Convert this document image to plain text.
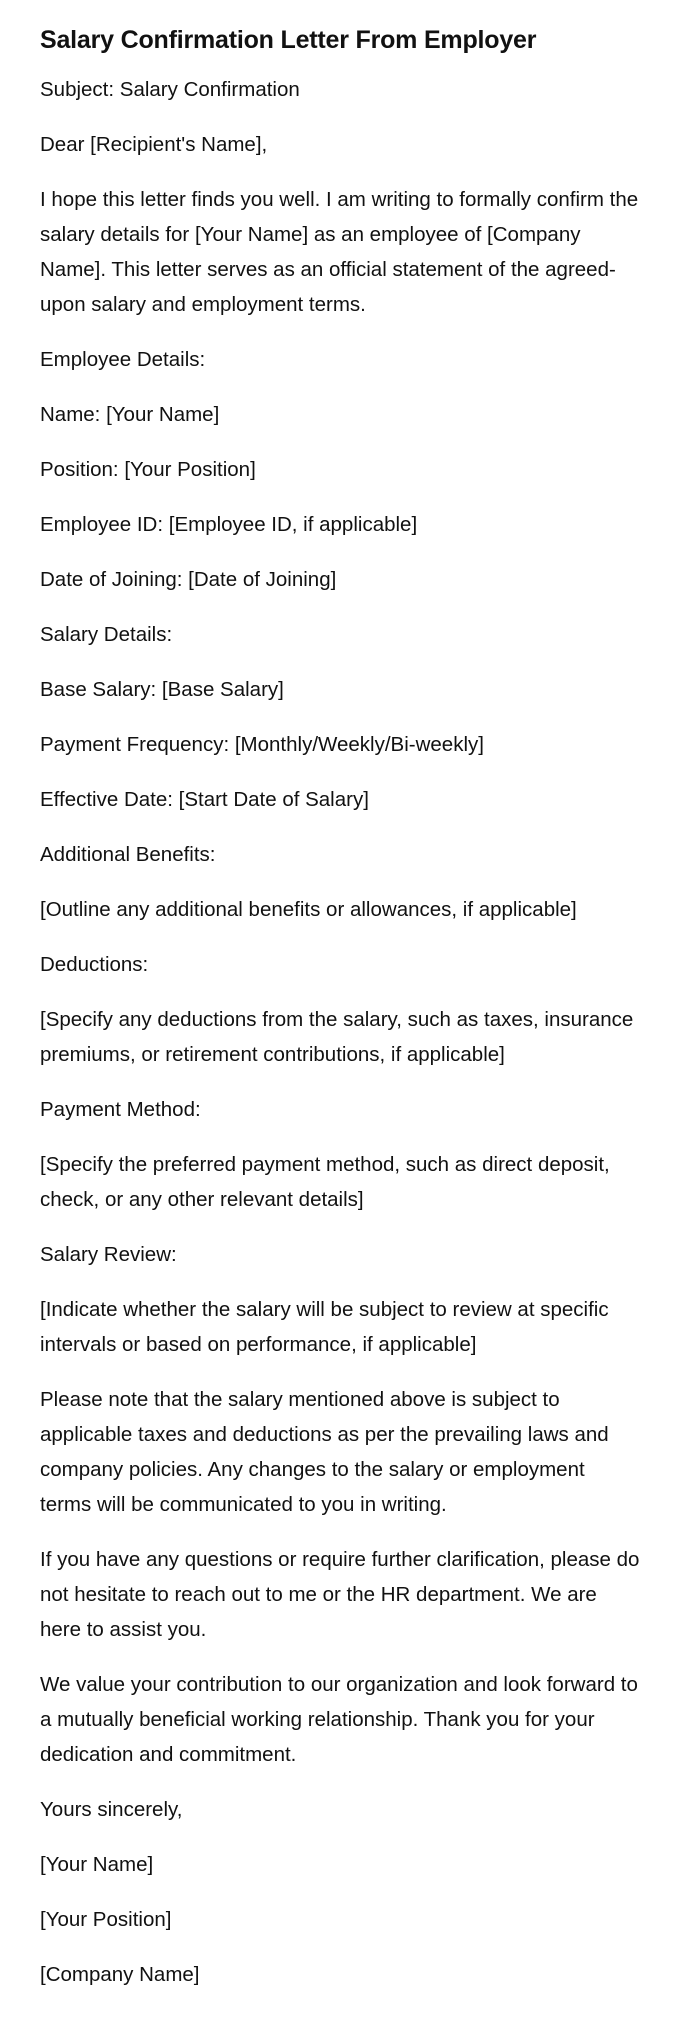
Salary Confirmation Letter From Employer

Subject: Salary Confirmation

Dear [Recipient's Name],

I hope this letter finds you well. I am writing to formally confirm the salary details for [Your Name] as an employee of [Company Name]. This letter serves as an official statement of the agreed-upon salary and employment terms.

Employee Details:

Name: [Your Name]

Position: [Your Position]

Employee ID: [Employee ID, if applicable]

Date of Joining: [Date of Joining]

Salary Details:

Base Salary: [Base Salary]

Payment Frequency: [Monthly/Weekly/Bi-weekly]

Effective Date: [Start Date of Salary]

Additional Benefits:

[Outline any additional benefits or allowances, if applicable]

Deductions:

[Specify any deductions from the salary, such as taxes, insurance premiums, or retirement contributions, if applicable]

Payment Method:

[Specify the preferred payment method, such as direct deposit, check, or any other relevant details]

Salary Review:

[Indicate whether the salary will be subject to review at specific intervals or based on performance, if applicable]

Please note that the salary mentioned above is subject to applicable taxes and deductions as per the prevailing laws and company policies. Any changes to the salary or employment terms will be communicated to you in writing.

If you have any questions or require further clarification, please do not hesitate to reach out to me or the HR department. We are here to assist you.

We value your contribution to our organization and look forward to a mutually beneficial working relationship. Thank you for your dedication and commitment.

Yours sincerely,

[Your Name]

[Your Position]

[Company Name]
